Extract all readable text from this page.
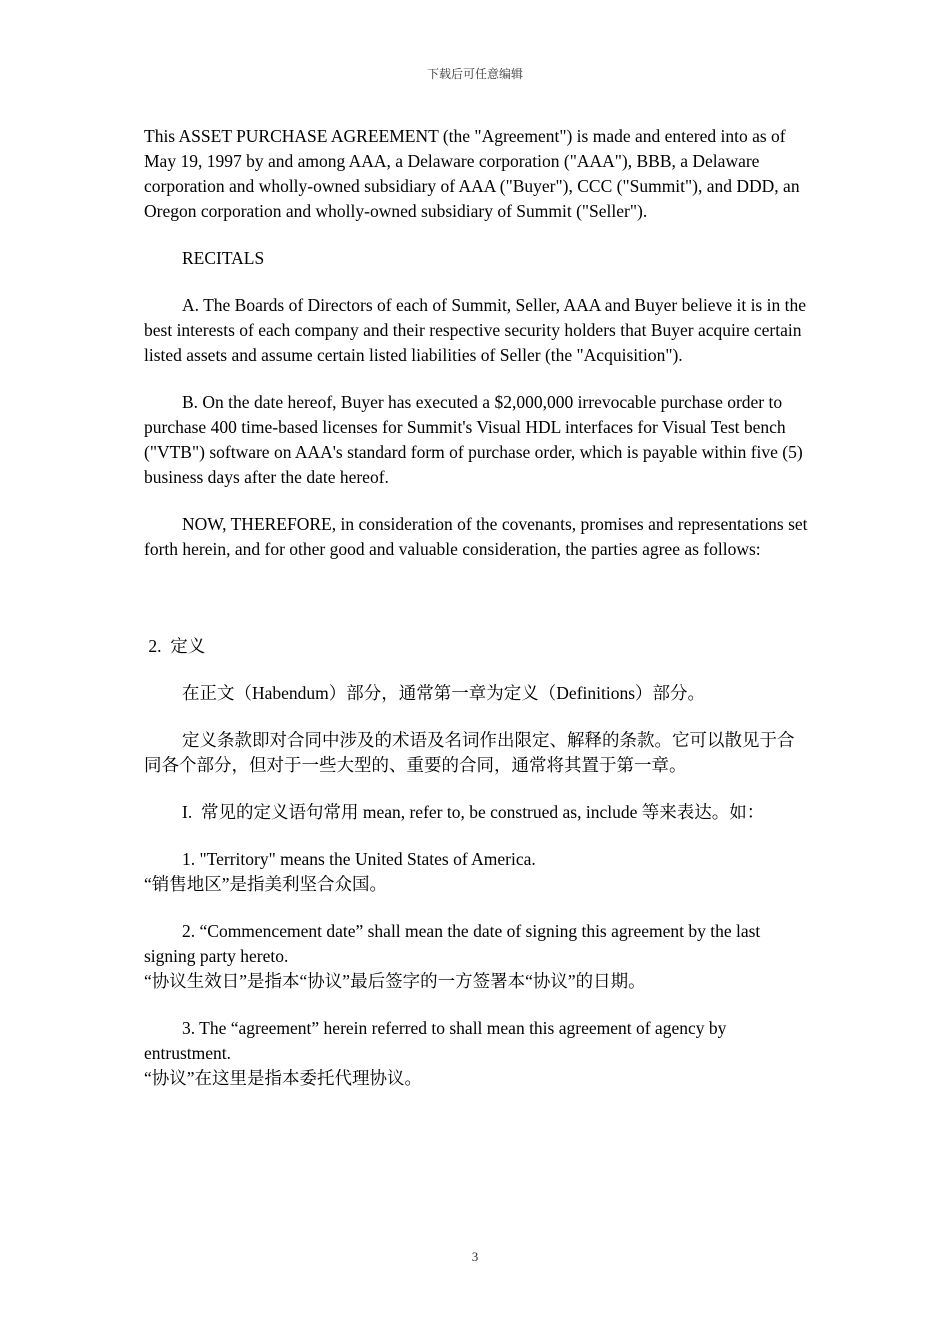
下载后可任意编辑

This ASSET PURCHASE AGREEMENT (the "Agreement") is made and entered into as of May 19, 1997 by and among AAA, a Delaware corporation ("AAA"), BBB, a Delaware corporation and wholly-owned subsidiary of AAA ("Buyer"), CCC ("Summit"), and DDD, an Oregon corporation and wholly-owned subsidiary of Summit ("Seller").

RECITALS

A. The Boards of Directors of each of Summit, Seller, AAA and Buyer believe it is in the best interests of each company and their respective security holders that Buyer acquire certain listed assets and assume certain listed liabilities of Seller (the "Acquisition").

B. On the date hereof, Buyer has executed a $2,000,000 irrevocable purchase order to purchase 400 time-based licenses for Summit's Visual HDL interfaces for Visual Test bench ("VTB") software on AAA's standard form of purchase order, which is payable within five (5) business days after the date hereof.

NOW, THEREFORE, in consideration of the covenants, promises and representations set forth herein, and for other good and valuable consideration, the parties agree as follows:

2.  定义

在正文（Habendum）部分，通常第一章为定义（Definitions）部分。

定义条款即对合同中涉及的术语及名词作出限定、解释的条款。它可以散见于合同各个部分，但对于一些大型的、重要的合同，通常将其置于第一章。

I.  常见的定义语句常用 mean, refer to, be construed as, include 等来表达。如：

1. "Territory" means the United States of America.

“销售地区”是指美利坚合众国。

2. “Commencement date” shall mean the date of signing this agreement by the last signing party hereto.

“协议生效日”是指本“协议”最后签字的一方签署本“协议”的日期。

3. The “agreement” herein referred to shall mean this agreement of agency by entrustment.

“协议”在这里是指本委托代理协议。

3
